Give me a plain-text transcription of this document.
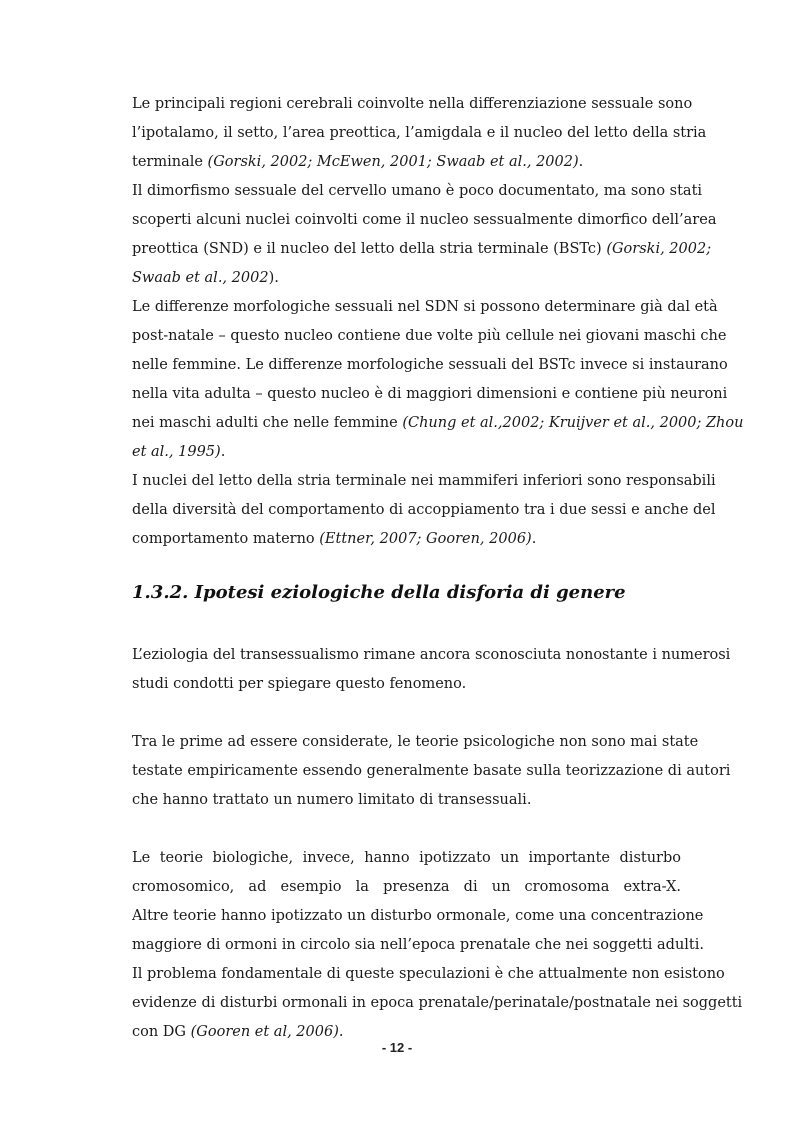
Le principali regioni cerebrali coinvolte nella differenziazione sessuale sono
l’ipotalamo, il setto, l’area preottica, l’amigdala e il nucleo del letto della stria
terminale (Gorski, 2002; McEwen, 2001; Swaab et al., 2002).
Il dimorfismo sessuale del cervello umano è poco documentato, ma sono stati
scoperti alcuni nuclei coinvolti come il nucleo sessualmente dimorfico dell’area
preottica (SND) e il nucleo del letto della stria terminale (BSTc) (Gorski, 2002;
Swaab et al., 2002).
Le differenze morfologiche sessuali nel SDN si possono determinare già dal età
post-natale – questo nucleo contiene due volte più cellule nei giovani maschi che
nelle femmine. Le differenze morfologiche sessuali del BSTc invece si instaurano
nella vita adulta – questo nucleo è di maggiori dimensioni e contiene più neuroni
nei maschi adulti che nelle femmine (Chung et al.,2002; Kruijver et al., 2000; Zhou
et al., 1995).
I nuclei del letto della stria terminale nei mammiferi inferiori sono responsabili
della diversità del comportamento di accoppiamento tra i due sessi e anche del
comportamento materno (Ettner, 2007; Gooren, 2006).
1.3.2. Ipotesi eziologiche della disforia di genere
L’eziologia del transessualismo rimane ancora sconosciuta nonostante i numerosi
studi condotti per spiegare questo fenomeno.
Tra le prime ad essere considerate, le teorie psicologiche non sono mai state
testate empiricamente essendo generalmente basate sulla teorizzazione di autori
che hanno trattato un numero limitato di transessuali.
Le teorie biologiche, invece, hanno ipotizzato un importante disturbo
cromosomico, ad esempio la presenza di un cromosoma extra-X.
Altre teorie hanno ipotizzato un disturbo ormonale, come una concentrazione
maggiore di ormoni in circolo sia nell’epoca prenatale che nei soggetti adulti.
Il problema fondamentale di queste speculazioni è che attualmente non esistono
evidenze di disturbi ormonali in epoca prenatale/perinatale/postnatale nei soggetti
con DG (Gooren et al, 2006).
- 12 -
